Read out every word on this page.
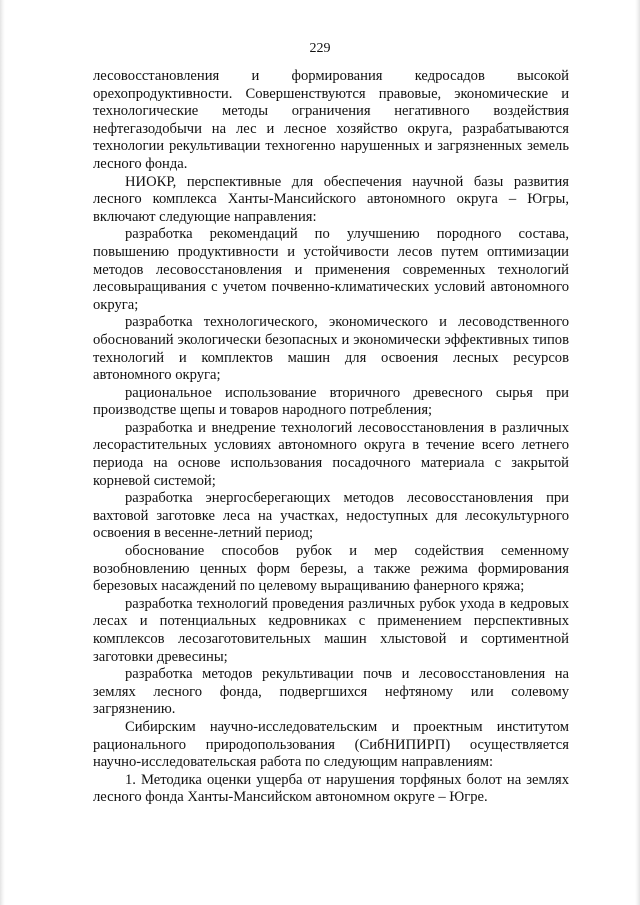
229

лесовосстановления и формирования кедросадов высокой орехопродуктивности. Совершенствуются правовые, экономические и технологические методы ограничения негативного воздействия нефтегазодобычи на лес и лесное хозяйство округа, разрабатываются технологии рекультивации техногенно нарушенных и загрязненных земель лесного фонда.

НИОКР, перспективные для обеспечения научной базы развития лесного комплекса Ханты-Мансийского автономного округа – Югры, включают следующие направления:

разработка рекомендаций по улучшению породного состава, повышению продуктивности и устойчивости лесов путем оптимизации методов лесовосстановления и применения современных технологий лесовыращивания с учетом почвенно-климатических условий автономного округа;

разработка технологического, экономического и лесоводственного обоснований экологически безопасных и экономически эффективных типов технологий и комплектов машин для освоения лесных ресурсов автономного округа;

рациональное использование вторичного древесного сырья при производстве щепы и товаров народного потребления;

разработка и внедрение технологий лесовосстановления в различных лесорастительных условиях автономного округа в течение всего летнего периода на основе использования посадочного материала с закрытой корневой системой;

разработка энергосберегающих методов лесовосстановления при вахтовой заготовке леса на участках, недоступных для лесокультурного освоения в весенне-летний период;

обоснование способов рубок и мер содействия семенному возобновлению ценных форм березы, а также режима формирования березовых насаждений по целевому выращиванию фанерного кряжа;

разработка технологий проведения различных рубок ухода в кедровых лесах и потенциальных кедровниках с применением перспективных комплексов лесозаготовительных машин хлыстовой и сортиментной заготовки древесины;

разработка методов рекультивации почв и лесовосстановления на землях лесного фонда, подвергшихся нефтяному или солевому загрязнению.

Сибирским научно-исследовательским и проектным институтом рационального природопользования (СибНИПИРП) осуществляется научно-исследовательская работа по следующим направлениям:

1. Методика оценки ущерба от нарушения торфяных болот на землях лесного фонда Ханты-Мансийском автономном округе – Югре.
